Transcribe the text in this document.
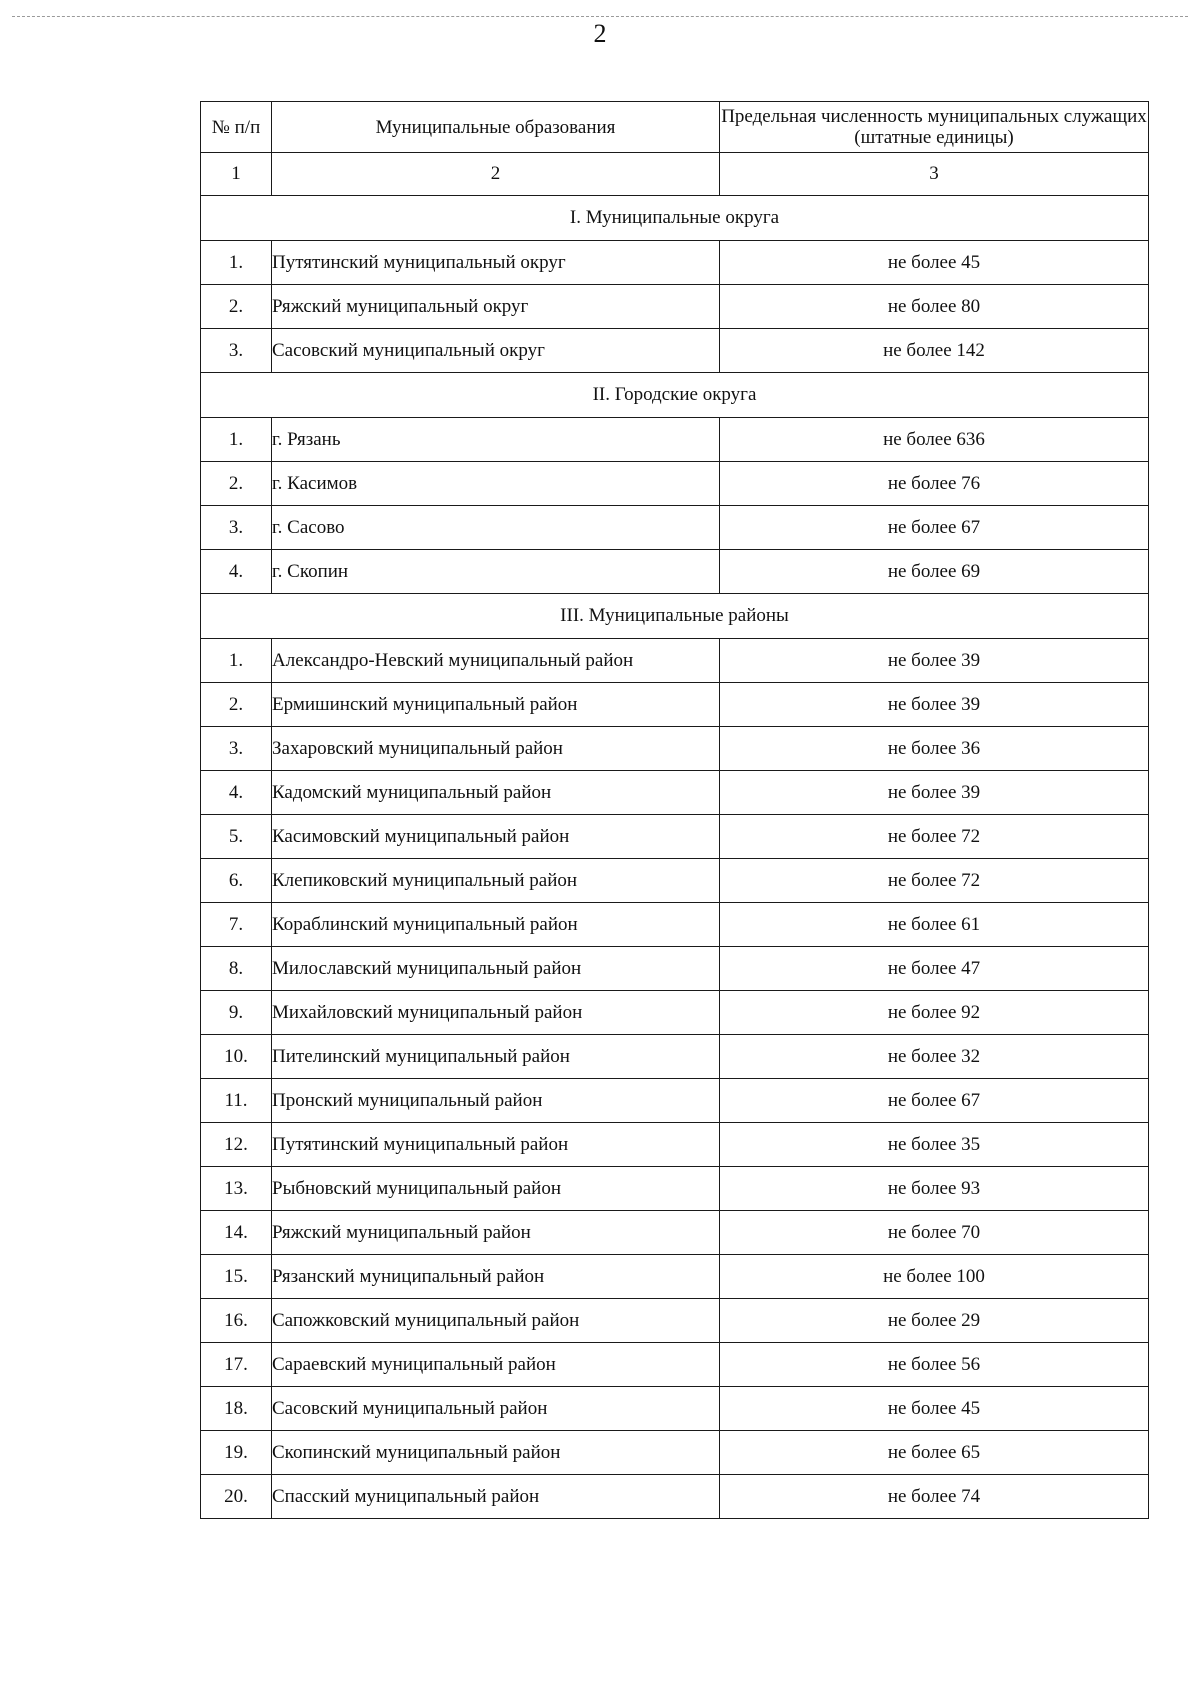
2
№ п/п	Муниципальные образования	Предельная численность муниципальных служащих (штатные единицы)
1	2	3
I. Муниципальные округа		
1.	Путятинский муниципальный округ	не более 45
2.	Ряжский муниципальный округ	не более 80
3.	Сасовский муниципальный округ	не более 142
II. Городские округа		
1.	г. Рязань	не более 636
2.	г. Касимов	не более 76
3.	г. Сасово	не более 67
4.	г. Скопин	не более 69
III. Муниципальные районы		
1.	Александро-Невский муниципальный район	не более 39
2.	Ермишинский муниципальный район	не более 39
3.	Захаровский муниципальный район	не более 36
4.	Кадомский муниципальный район	не более 39
5.	Касимовский муниципальный район	не более 72
6.	Клепиковский муниципальный район	не более 72
7.	Кораблинский муниципальный район	не более 61
8.	Милославский муниципальный район	не более 47
9.	Михайловский муниципальный район	не более 92
10.	Пителинский муниципальный район	не более 32
11.	Пронский муниципальный район	не более 67
12.	Путятинский муниципальный район	не более 35
13.	Рыбновский муниципальный район	не более 93
14.	Ряжский муниципальный район	не более 70
15.	Рязанский муниципальный район	не более 100
16.	Сапожковский муниципальный район	не более 29
17.	Сараевский муниципальный район	не более 56
18.	Сасовский муниципальный район	не более 45
19.	Скопинский муниципальный район	не более 65
20.	Спасский муниципальный район	не более 74
